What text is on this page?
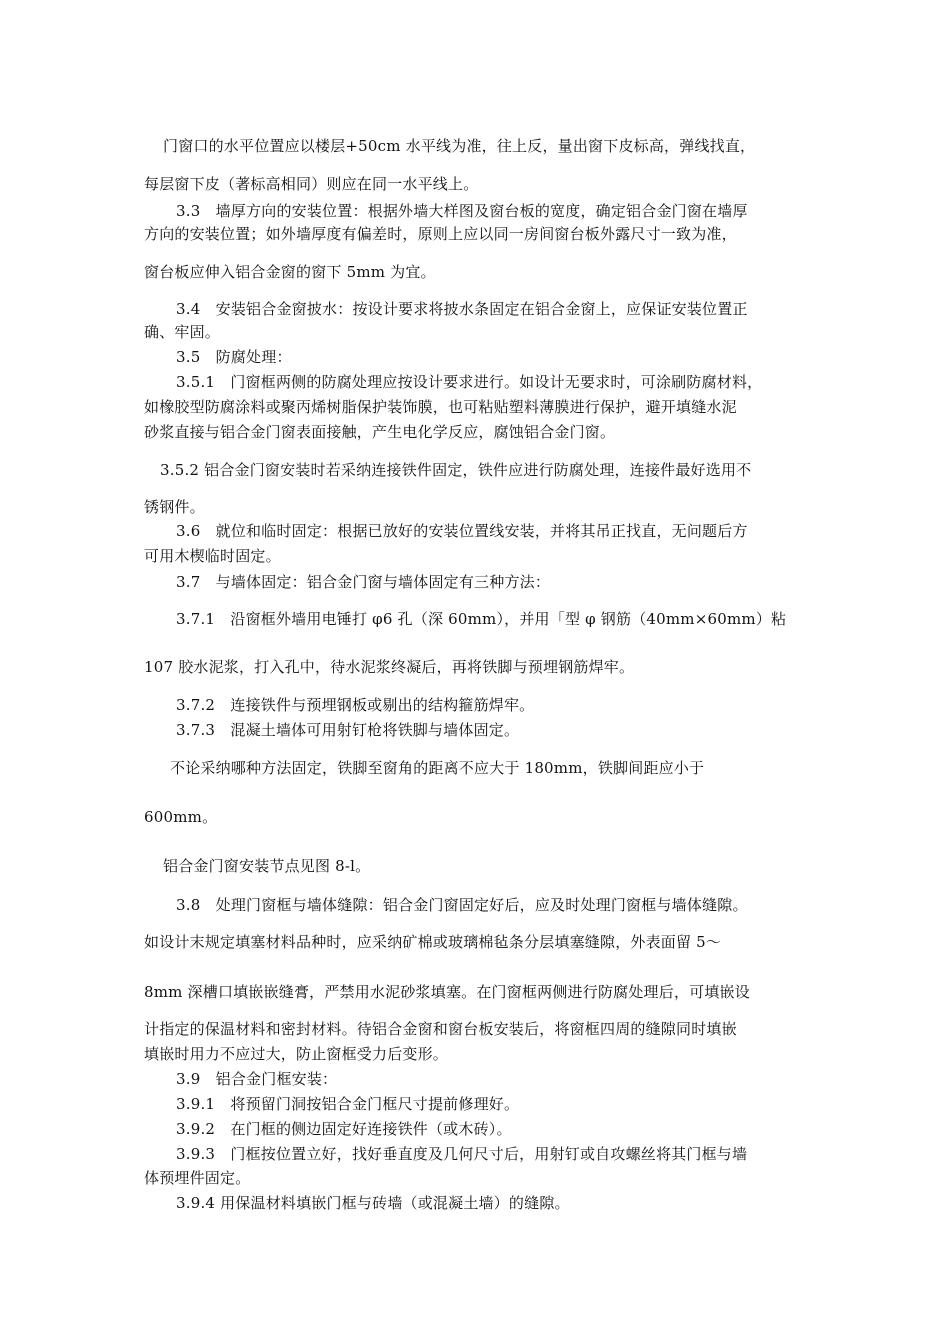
门窗口的水平位置应以楼层+50cm 水平线为准，往上反，量出窗下皮标高，弹线找直，
每层窗下皮（著标高相同）则应在同一水平线上。
3.3　墙厚方向的安装位置：根据外墙大样图及窗台板的宽度，确定铝合金门窗在墙厚
方向的安装位置；如外墙厚度有偏差时，原则上应以同一房间窗台板外露尺寸一致为准，
窗台板应伸入铝合金窗的窗下 5mm 为宜。
3.4　安装铝合金窗披水：按设计要求将披水条固定在铝合金窗上，应保证安装位置正
确、牢固。
3.5　防腐处理：
3.5.1　门窗框两侧的防腐处理应按设计要求进行。如设计无要求时，可涂刷防腐材料，
如橡胶型防腐涂料或聚丙烯树脂保护装饰膜，也可粘贴塑料薄膜进行保护，避开填缝水泥
砂浆直接与铝合金门窗表面接触，产生电化学反应，腐蚀铝合金门窗。
3.5.2 铝合金门窗安装时若采纳连接铁件固定，铁件应进行防腐处理，连接件最好选用不
锈钢件。
3.6　就位和临时固定：根据已放好的安装位置线安装，并将其吊正找直，无问题后方
可用木楔临时固定。
3.7　与墙体固定：铝合金门窗与墙体固定有三种方法：
3.7.1　沿窗框外墙用电锤打 φ6 孔（深 60mm），并用「型 φ 钢筋（40mm×60mm）粘
107 胶水泥浆，打入孔中，待水泥浆终凝后，再将铁脚与预埋钢筋焊牢。
3.7.2　连接铁件与预埋钢板或剔出的结构箍筋焊牢。
3.7.3　混凝土墙体可用射钉枪将铁脚与墙体固定。
不论采纳哪种方法固定，铁脚至窗角的距离不应大于 180mm，铁脚间距应小于
600mm。
铝合金门窗安装节点见图 8-l。
3.8　处理门窗框与墙体缝隙：铝合金门窗固定好后，应及时处理门窗框与墙体缝隙。
如设计末规定填塞材料品种时，应采纳矿棉或玻璃棉毡条分层填塞缝隙，外表面留 5～
8mm 深槽口填嵌嵌缝膏，严禁用水泥砂浆填塞。在门窗框两侧进行防腐处理后，可填嵌设
计指定的保温材料和密封材料。待铝合金窗和窗台板安装后，将窗框四周的缝隙同时填嵌
填嵌时用力不应过大，防止窗框受力后变形。
3.9　铝合金门框安装：
3.9.1　将预留门洞按铝合金门框尺寸提前修理好。
3.9.2　在门框的侧边固定好连接铁件（或木砖）。
3.9.3　门框按位置立好，找好垂直度及几何尺寸后，用射钉或自攻螺丝将其门框与墙
体预埋件固定。
3.9.4 用保温材料填嵌门框与砖墙（或混凝土墙）的缝隙。
